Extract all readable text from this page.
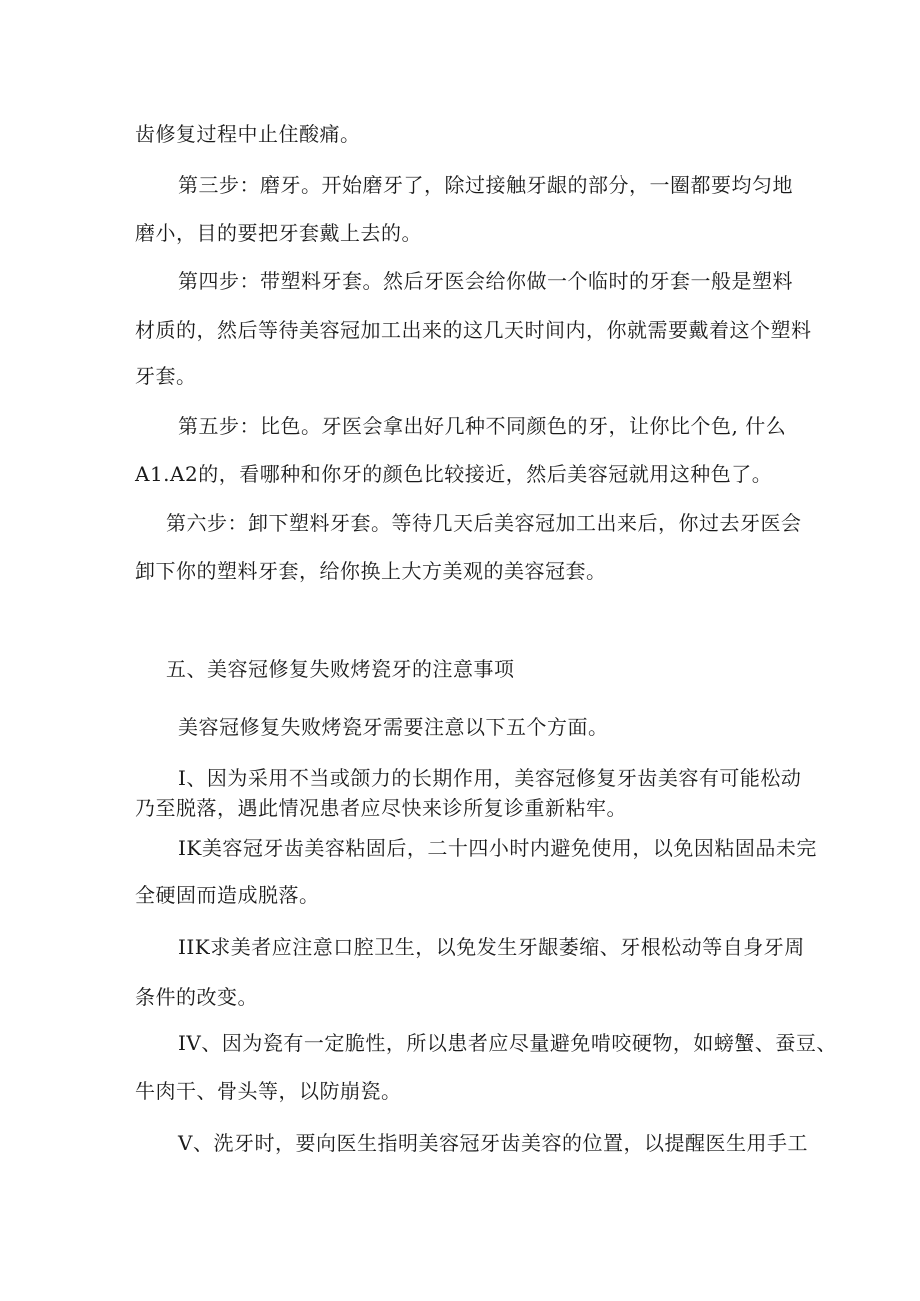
齿修复过程中止住酸痛。
第三步：磨牙。开始磨牙了，除过接触牙龈的部分，一圈都要均匀地
磨小，目的要把牙套戴上去的。
第四步：带塑料牙套。然后牙医会给你做一个临时的牙套一般是塑料
材质的，然后等待美容冠加工出来的这几天时间内，你就需要戴着这个塑料
牙套。
第五步：比色。牙医会拿出好几种不同颜色的牙，让你比个色, 什么
A1.A2的，看哪种和你牙的颜色比较接近，然后美容冠就用这种色了。
第六步：卸下塑料牙套。等待几天后美容冠加工出来后，你过去牙医会
卸下你的塑料牙套，给你换上大方美观的美容冠套。
五、美容冠修复失败烤瓷牙的注意事项
美容冠修复失败烤瓷牙需要注意以下五个方面。
I、因为采用不当或颌力的长期作用，美容冠修复牙齿美容有可能松动
乃至脱落，遇此情况患者应尽快来诊所复诊重新粘牢。
IK美容冠牙齿美容粘固后，二十四小时内避免使用，以免因粘固品未完
全硬固而造成脱落。
IIK求美者应注意口腔卫生，以免发生牙龈萎缩、牙根松动等自身牙周
条件的改变。
IV、因为瓷有一定脆性，所以患者应尽量避免啃咬硬物，如螃蟹、蚕豆、
牛肉干、骨头等，以防崩瓷。
V、洗牙时，要向医生指明美容冠牙齿美容的位置，以提醒医生用手工
